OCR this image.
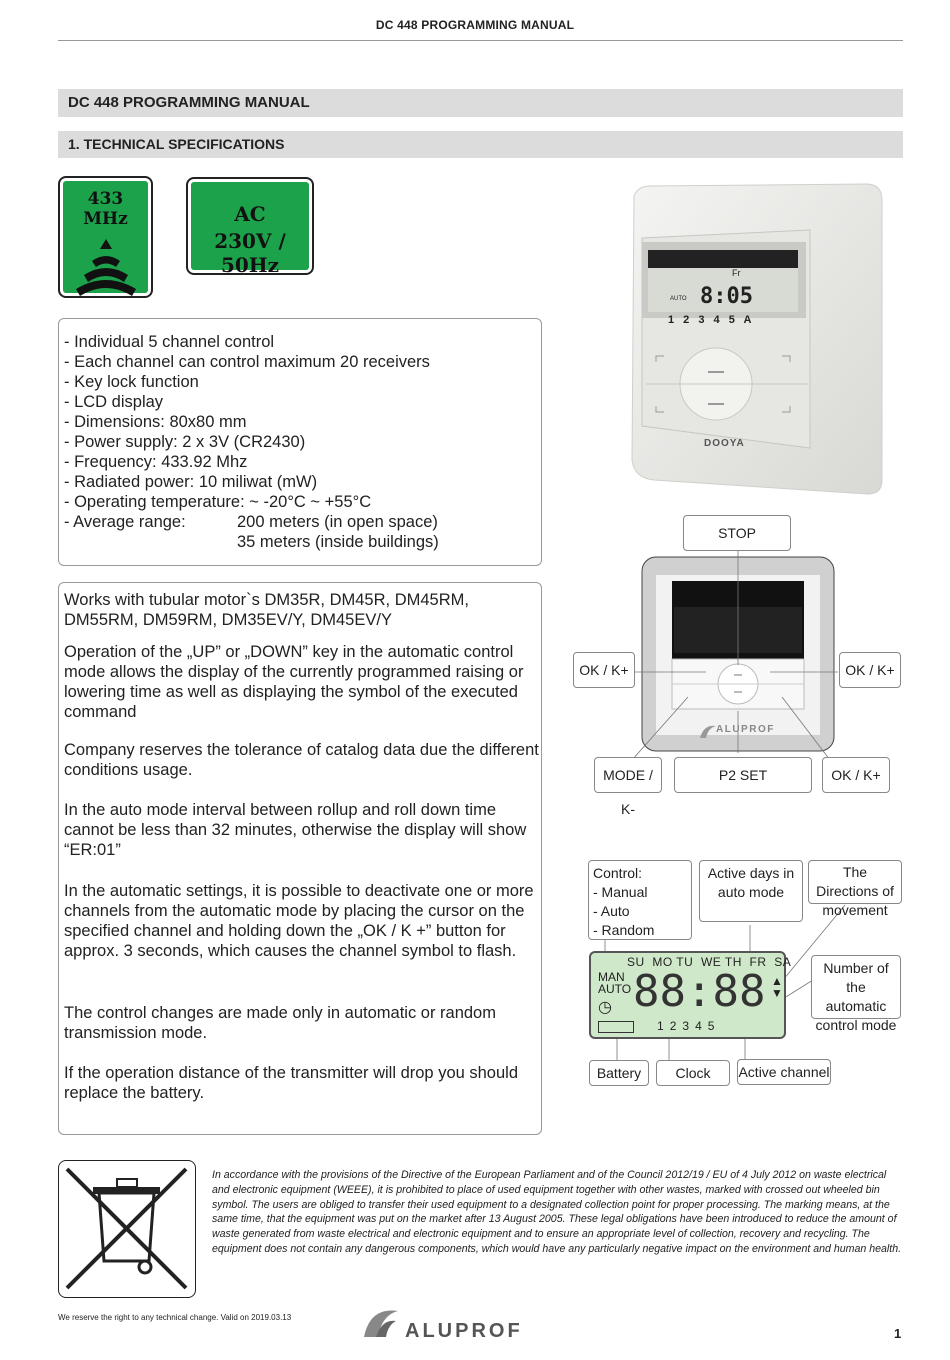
DC 448 PROGRAMMING MANUAL
DC 448 PROGRAMMING MANUAL
1. TECHNICAL SPECIFICATIONS
433 MHz	AC
230V / 50Hz
- Individual 5 channel control
- Each channel can control maximum 20 receivers
- Key lock function
- LCD display
- Dimensions: 80x80 mm
- Power supply: 2 x 3V (CR2430)
- Frequency: 433.92 Mhz
- Radiated power: 10 miliwat (mW)
- Operating temperature: ~ -20°C ~ +55°C
- Average range:	200 meters (in open space)
35 meters (inside buildings)
Works with tubular motor`s DM35R, DM45R, DM45RM, DM55RM, DM59RM, DM35EV/Y, DM45EV/Y
Operation of the „UP” or „DOWN” key in the automatic control mode allows the display of the currently programmed raising or lowering time as well as displaying the symbol of the executed command
Company reserves the tolerance of catalog data due the different conditions usage.
In the auto mode interval between rollup and roll down time cannot be less than 32 minutes, otherwise the display will show “ER:01”
In the automatic settings, it is possible to deactivate one or more channels from the automatic mode by placing the cursor on the specified channel and holding down the „OK / K +” button for approx. 3 seconds, which causes the channel symbol to flash.
The control changes are made only in automatic or random transmission mode.
If the operation distance of the transmitter will drop you should replace the battery.
Fr
AUTO 8:05
1 2 3 4 5 A
DOOYA
ALUPROF
STOP
OK / K+	OK / K+
MODE / K-
P2 SET	OK / K+
SU  MO TU  WE TH  FR  SA
MAN
AUTO
◷ 88:88 ▲
▼
12345
Control:
- Manual
- Auto
- Random
Active days in auto mode
The Directions of movement
Number of the automatic control mode
Battery	Clock	Active channel
In accordance with the provisions of the Directive of the European Parliament and of the Council 2012/19 / EU of 4 July 2012 on waste electrical and electronic equipment (WEEE), it is prohibited to place of used equipment together with other wastes, marked with crossed out wheeled bin symbol. The users are obliged to transfer their used equipment to a designated collection point for proper processing. The marking means, at the same time, that the equipment was put on the market after 13 August 2005. These legal obligations have been introduced to reduce the amount of waste generated from waste electrical and electronic equipment and to ensure an appropriate level of collection, recovery and recycling. The equipment does not contain any dangerous components, which would have any particularly negative impact on the environment and human health.
We reserve the right to any technical change. Valid on 2019.03.13
ALUPROF	1
